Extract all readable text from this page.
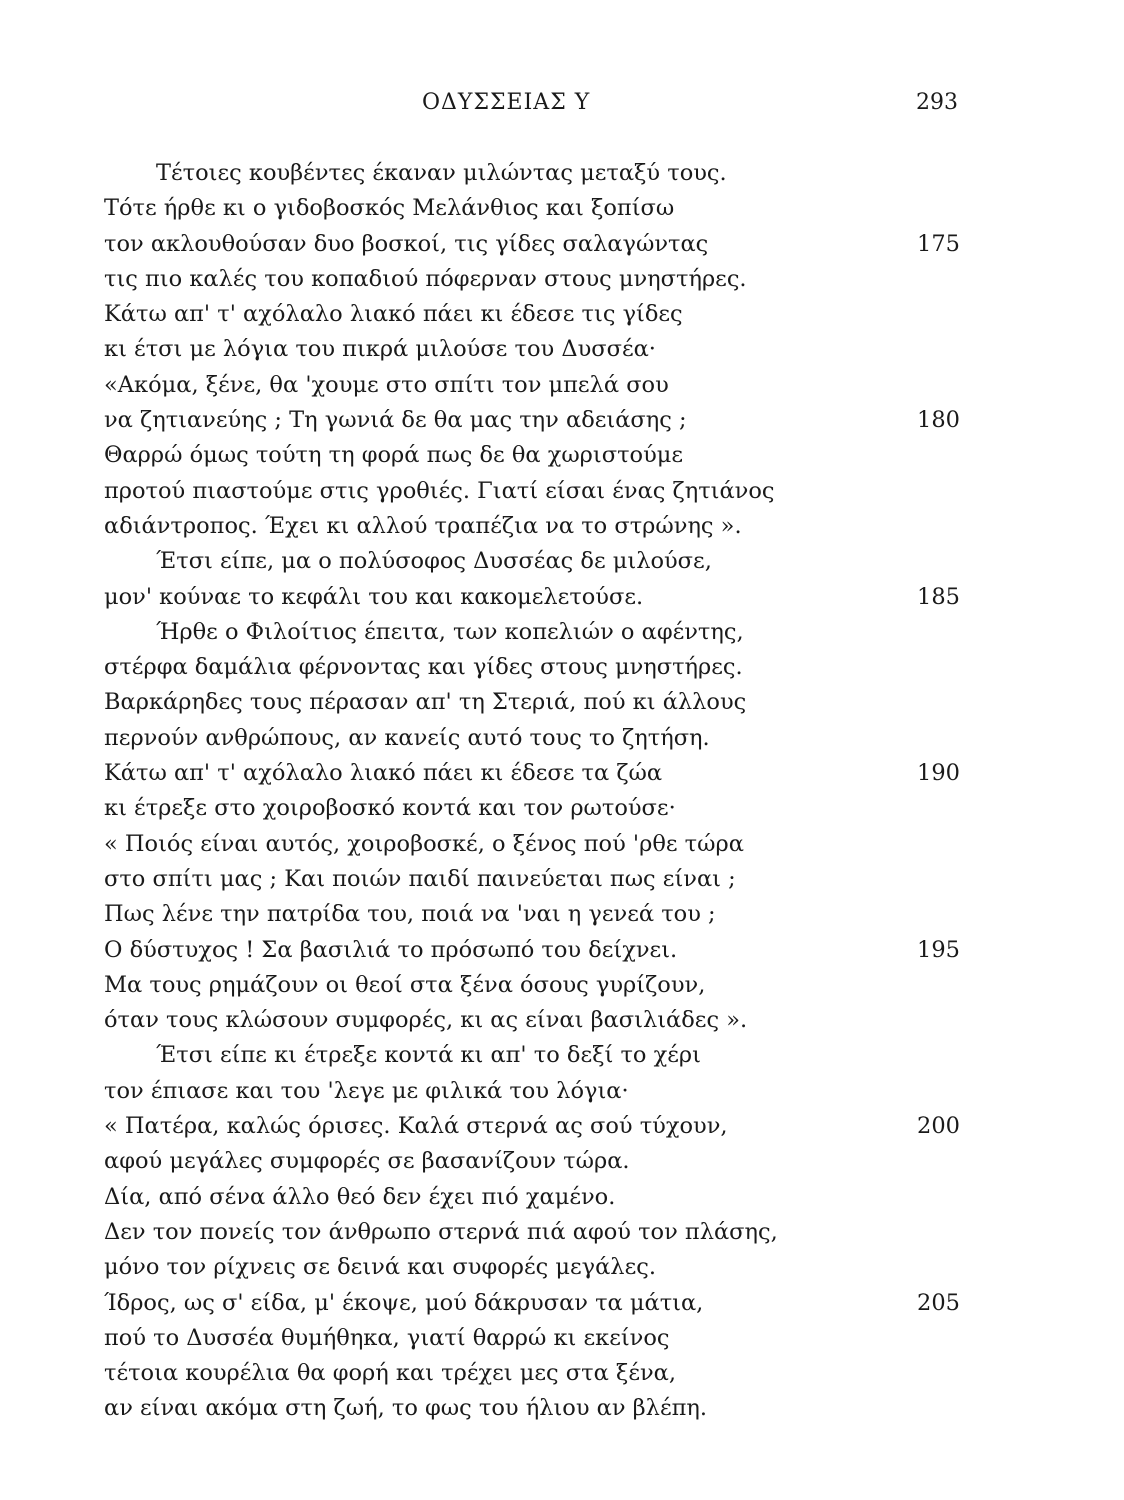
ΟΔΥΣΣΕΙΑΣ Υ	293
Τέτοιες κουβέντες έκαναν μιλώντας μεταξύ τους.
Τότε ήρθε κι ο γιδοβοσκός Μελάνθιος και ξοπίσω
τον ακλουθούσαν δυο βοσκοί, τις γίδες σαλαγώντας	175
τις πιο καλές του κοπαδιού πόφερναν στους μνηστήρες.
Κάτω απ' τ' αχόλαλο λιακό πάει κι έδεσε τις γίδες
κι έτσι με λόγια του πικρά μιλούσε του Δυσσέα·
«Ακόμα, ξένε, θα 'χουμε στο σπίτι τον μπελά σου
να ζητιανεύης ; Τη γωνιά δε θα μας την αδειάσης ;	180
Θαρρώ όμως τούτη τη φορά πως δε θα χωριστούμε
προτού πιαστούμε στις γροθιές. Γιατί είσαι ένας ζητιάνος
αδιάντροπος. Έχει κι αλλού τραπέζια να το στρώνης ».
Έτσι είπε, μα ο πολύσοφος Δυσσέας δε μιλούσε,
μον' κούναε το κεφάλι του και κακομελετούσε.	185
Ήρθε ο Φιλοίτιος έπειτα, των κοπελιών ο αφέντης,
στέρφα δαμάλια φέρνοντας και γίδες στους μνηστήρες.
Βαρκάρηδες τους πέρασαν απ' τη Στεριά, πού κι άλλους
περνούν ανθρώπους, αν κανείς αυτό τους το ζητήση.
Κάτω απ' τ' αχόλαλο λιακό πάει κι έδεσε τα ζώα	190
κι έτρεξε στο χοιροβοσκό κοντά και τον ρωτούσε·
« Ποιός είναι αυτός, χοιροβοσκέ, ο ξένος πού 'ρθε τώρα
στο σπίτι μας ; Και ποιών παιδί παινεύεται πως είναι ;
Πως λένε την πατρίδα του, ποιά να 'ναι η γενεά του ;
Ο δύστυχος ! Σα βασιλιά το πρόσωπό του δείχνει.	195
Μα τους ρημάζουν οι θεοί στα ξένα όσους γυρίζουν,
όταν τους κλώσουν συμφορές, κι ας είναι βασιλιάδες ».
Έτσι είπε κι έτρεξε κοντά κι απ' το δεξί το χέρι
τον έπιασε και του 'λεγε με φιλικά του λόγια·
« Πατέρα, καλώς όρισες. Καλά στερνά ας σού τύχουν,	200
αφού μεγάλες συμφορές σε βασανίζουν τώρα.
Δία, από σένα άλλο θεό δεν έχει πιό χαμένο.
Δεν τον πονείς τον άνθρωπο στερνά πιά αφού τον πλάσης,
μόνο τον ρίχνεις σε δεινά και συφορές μεγάλες.
Ίδρος, ως σ' είδα, μ' έκοψε, μού δάκρυσαν τα μάτια,	205
πού το Δυσσέα θυμήθηκα, γιατί θαρρώ κι εκείνος
τέτοια κουρέλια θα φορή και τρέχει μες στα ξένα,
αν είναι ακόμα στη ζωή, το φως του ήλιου αν βλέπη.
